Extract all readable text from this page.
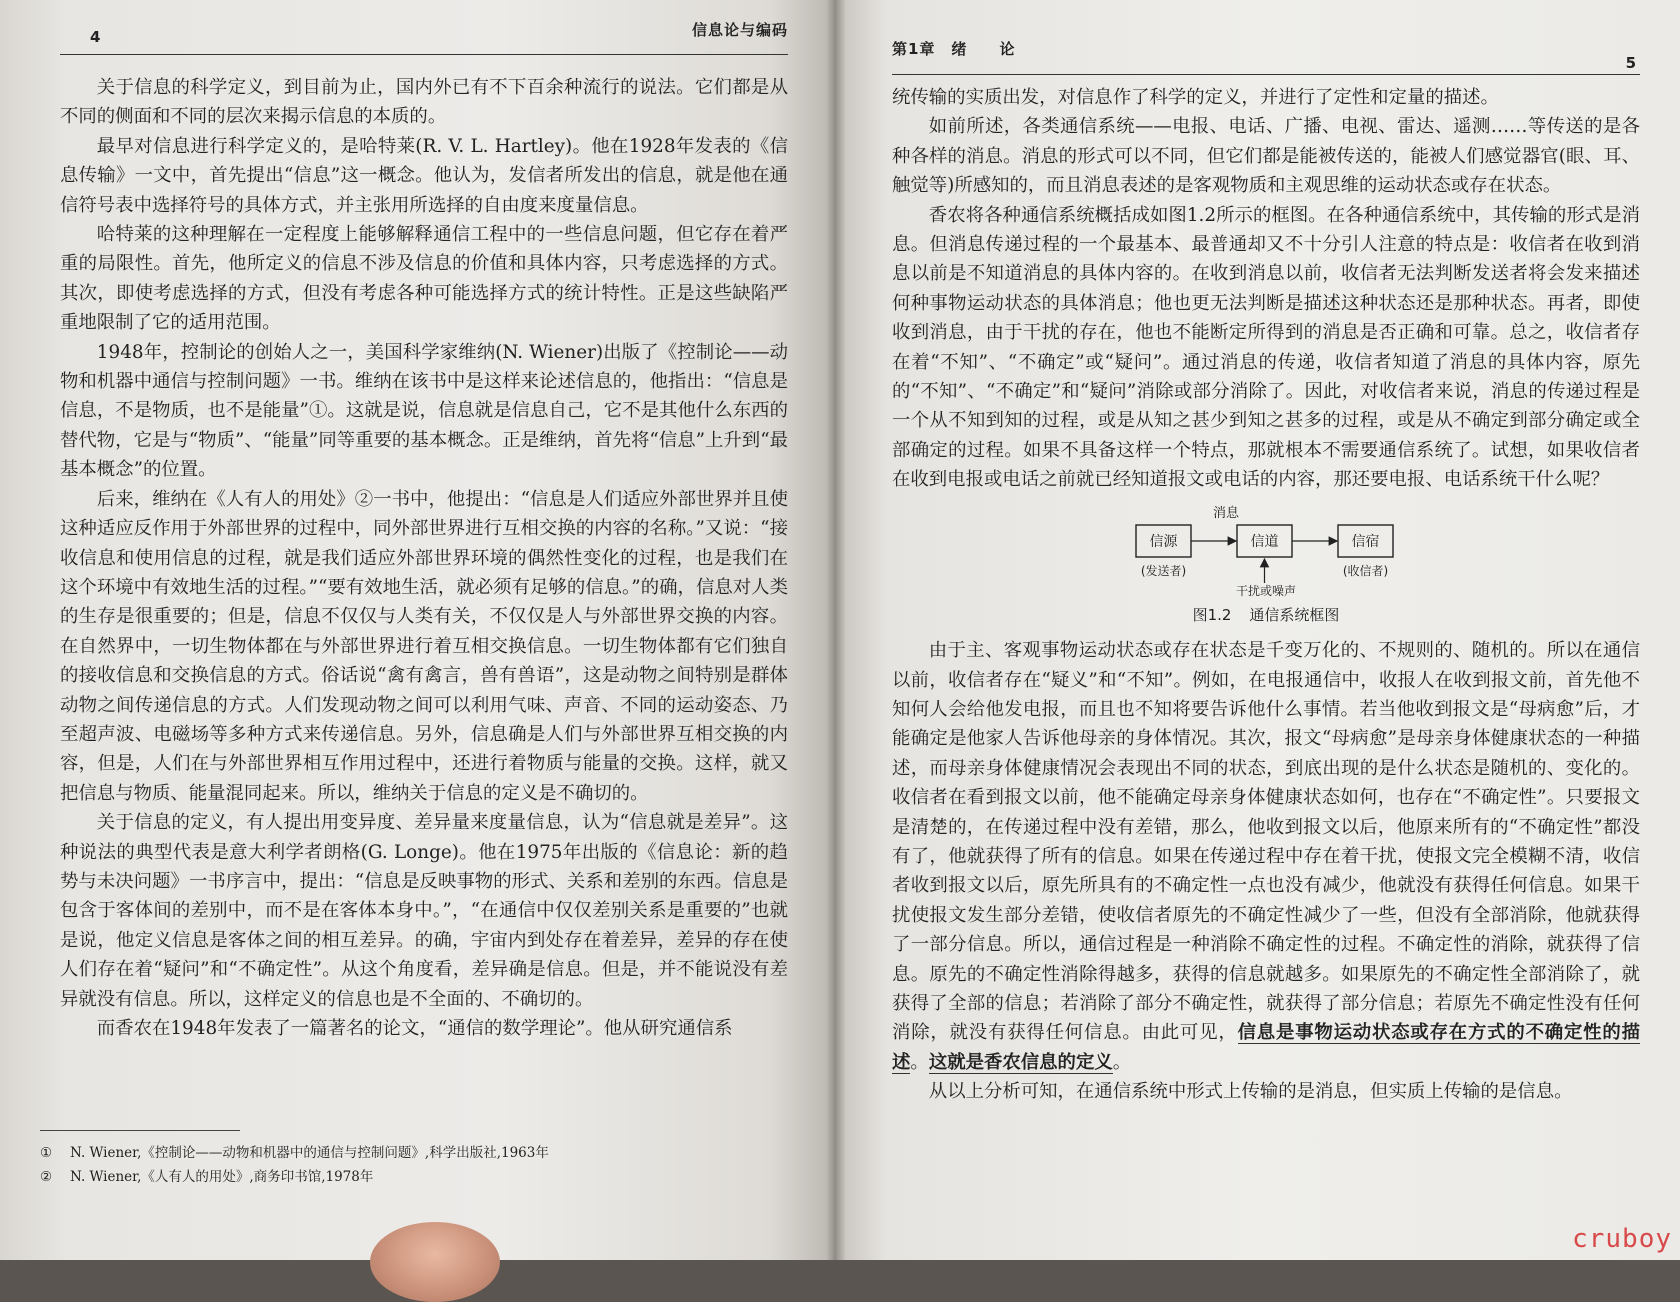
4	信息论与编码

关于信息的科学定义，到目前为止，国内外已有不下百余种流行的说法。它们都是从不同的侧面和不同的层次来揭示信息的本质的。

最早对信息进行科学定义的，是哈特莱(R. V. L. Hartley)。他在1928年发表的《信息传输》一文中，首先提出“信息”这一概念。他认为，发信者所发出的信息，就是他在通信符号表中选择符号的具体方式，并主张用所选择的自由度来度量信息。

哈特莱的这种理解在一定程度上能够解释通信工程中的一些信息问题，但它存在着严重的局限性。首先，他所定义的信息不涉及信息的价值和具体内容，只考虑选择的方式。其次，即使考虑选择的方式，但没有考虑各种可能选择方式的统计特性。正是这些缺陷严重地限制了它的适用范围。

1948年，控制论的创始人之一，美国科学家维纳(N. Wiener)出版了《控制论——动物和机器中通信与控制问题》一书。维纳在该书中是这样来论述信息的，他指出：“信息是信息，不是物质，也不是能量”①。这就是说，信息就是信息自己，它不是其他什么东西的替代物，它是与“物质”、“能量”同等重要的基本概念。正是维纳，首先将“信息”上升到“最基本概念”的位置。

后来，维纳在《人有人的用处》②一书中，他提出：“信息是人们适应外部世界并且使这种适应反作用于外部世界的过程中，同外部世界进行互相交换的内容的名称。”又说：“接收信息和使用信息的过程，就是我们适应外部世界环境的偶然性变化的过程，也是我们在这个环境中有效地生活的过程。”“要有效地生活，就必须有足够的信息。”的确，信息对人类的生存是很重要的；但是，信息不仅仅与人类有关，不仅仅是人与外部世界交换的内容。在自然界中，一切生物体都在与外部世界进行着互相交换信息。一切生物体都有它们独自的接收信息和交换信息的方式。俗话说“禽有禽言，兽有兽语”，这是动物之间特别是群体动物之间传递信息的方式。人们发现动物之间可以利用气味、声音、不同的运动姿态、乃至超声波、电磁场等多种方式来传递信息。另外，信息确是人们与外部世界互相交换的内容，但是，人们在与外部世界相互作用过程中，还进行着物质与能量的交换。这样，就又把信息与物质、能量混同起来。所以，维纳关于信息的定义是不确切的。

关于信息的定义，有人提出用变异度、差异量来度量信息，认为“信息就是差异”。这种说法的典型代表是意大利学者朗格(G. Longe)。他在1975年出版的《信息论：新的趋势与未决问题》一书序言中，提出：“信息是反映事物的形式、关系和差别的东西。信息是包含于客体间的差别中，而不是在客体本身中。”，“在通信中仅仅差别关系是重要的”也就是说，他定义信息是客体之间的相互差异。的确，宇宙内到处存在着差异，差异的存在使人们存在着“疑问”和“不确定性”。从这个角度看，差异确是信息。但是，并不能说没有差异就没有信息。所以，这样定义的信息也是不全面的、不确切的。

而香农在1948年发表了一篇著名的论文，“通信的数学理论”。他从研究通信系

① N. Wiener,《控制论——动物和机器中的通信与控制问题》,科学出版社,1963年
② N. Wiener,《人有人的用处》,商务印书馆,1978年
第1章　绪　　论
5

统传输的实质出发，对信息作了科学的定义，并进行了定性和定量的描述。

如前所述，各类通信系统——电报、电话、广播、电视、雷达、遥测……等传送的是各种各样的消息。消息的形式可以不同，但它们都是能被传送的，能被人们感觉器官(眼、耳、触觉等)所感知的，而且消息表述的是客观物质和主观思维的运动状态或存在状态。

香农将各种通信系统概括成如图1.2所示的框图。在各种通信系统中，其传输的形式是消息。但消息传递过程的一个最基本、最普通却又不十分引人注意的特点是：收信者在收到消息以前是不知道消息的具体内容的。在收到消息以前，收信者无法判断发送者将会发来描述何种事物运动状态的具体消息；他也更无法判断是描述这种状态还是那种状态。再者，即使收到消息，由于干扰的存在，他也不能断定所得到的消息是否正确和可靠。总之，收信者存在着“不知”、“不确定”或“疑问”。通过消息的传递，收信者知道了消息的具体内容，原先的“不知”、“不确定”和“疑问”消除或部分消除了。因此，对收信者来说，消息的传递过程是一个从不知到知的过程，或是从知之甚少到知之甚多的过程，或是从不确定到部分确定或全部确定的过程。如果不具备这样一个特点，那就根本不需要通信系统了。试想，如果收信者在收到电报或电话之前就已经知道报文或电话的内容，那还要电报、电话系统干什么呢？

消息
信源
(发送者)
信道	信宿
(收信者)
干扰或噪声
图1.2 通信系统框图

由于主、客观事物运动状态或存在状态是千变万化的、不规则的、随机的。所以在通信以前，收信者存在“疑义”和“不知”。例如，在电报通信中，收报人在收到报文前，首先他不知何人会给他发电报，而且也不知将要告诉他什么事情。若当他收到报文是“母病愈”后，才能确定是他家人告诉他母亲的身体情况。其次，报文“母病愈”是母亲身体健康状态的一种描述，而母亲身体健康情况会表现出不同的状态，到底出现的是什么状态是随机的、变化的。收信者在看到报文以前，他不能确定母亲身体健康状态如何，也存在“不确定性”。只要报文是清楚的，在传递过程中没有差错，那么，他收到报文以后，他原来所有的“不确定性”都没有了，他就获得了所有的信息。如果在传递过程中存在着干扰，使报文完全模糊不清，收信者收到报文以后，原先所具有的不确定性一点也没有减少，他就没有获得任何信息。如果干扰使报文发生部分差错，使收信者原先的不确定性减少了一些，但没有全部消除，他就获得了一部分信息。所以，通信过程是一种消除不确定性的过程。不确定性的消除，就获得了信息。原先的不确定性消除得越多，获得的信息就越多。如果原先的不确定性全部消除了，就获得了全部的信息；若消除了部分不确定性，就获得了部分信息；若原先不确定性没有任何消除，就没有获得任何信息。由此可见，信息是事物运动状态或存在方式的不确定性的描述。这就是香农信息的定义。

从以上分析可知，在通信系统中形式上传输的是消息，但实质上传输的是信息。

cruboy
